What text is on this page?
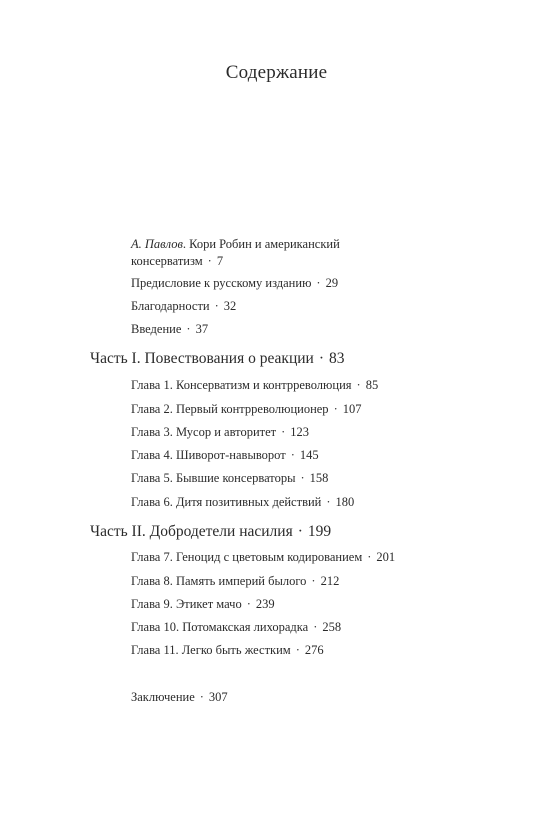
Содержание
А. Павлов. Кори Робин и американский консерватизм · 7
Предисловие к русскому изданию · 29
Благодарности · 32
Введение · 37
Часть I. Повествования о реакции · 83
Глава 1. Консерватизм и контрреволюция · 85
Глава 2. Первый контрреволюционер · 107
Глава 3. Мусор и авторитет · 123
Глава 4. Шиворот-навыворот · 145
Глава 5. Бывшие консерваторы · 158
Глава 6. Дитя позитивных действий · 180
Часть II. Добродетели насилия · 199
Глава 7. Геноцид с цветовым кодированием · 201
Глава 8. Память империй былого · 212
Глава 9. Этикет мачо · 239
Глава 10. Потомакская лихорадка · 258
Глава 11. Легко быть жестким · 276
Заключение · 307
